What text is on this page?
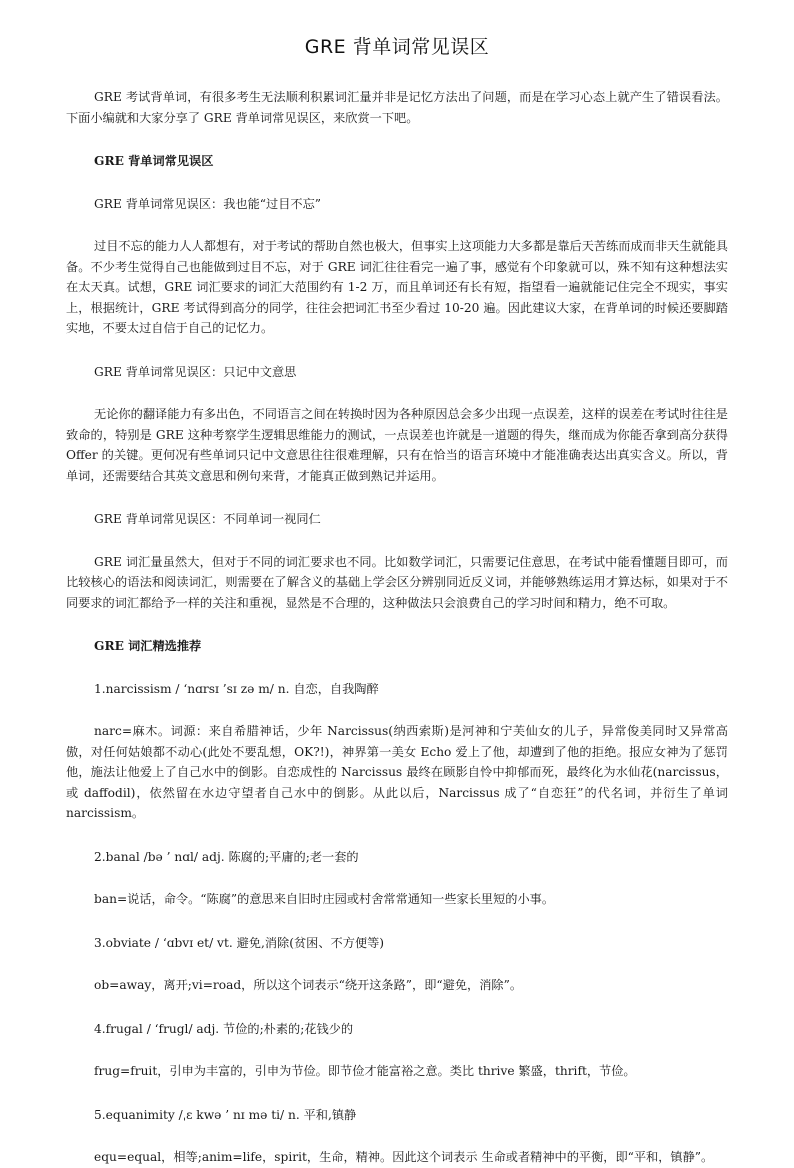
GRE 背单词常见误区

GRE 考试背单词，有很多考生无法顺利积累词汇量并非是记忆方法出了问题，而是在学习心态上就产生了错误看法。下面小编就和大家分享了 GRE 背单词常见误区，来欣赏一下吧。

GRE 背单词常见误区

GRE 背单词常见误区：我也能“过目不忘”

过目不忘的能力人人都想有，对于考试的帮助自然也极大，但事实上这项能力大多都是靠后天苦练而成而非天生就能具备。不少考生觉得自己也能做到过目不忘，对于 GRE 词汇往往看完一遍了事，感觉有个印象就可以，殊不知有这种想法实在太天真。试想，GRE 词汇要求的词汇大范围约有 1-2 万，而且单词还有长有短，指望看一遍就能记住完全不现实，事实上，根据统计，GRE 考试得到高分的同学，往往会把词汇书至少看过 10-20 遍。因此建议大家，在背单词的时候还要脚踏实地，不要太过自信于自己的记忆力。

GRE 背单词常见误区：只记中文意思

无论你的翻译能力有多出色，不同语言之间在转换时因为各种原因总会多少出现一点误差，这样的误差在考试时往往是致命的，特别是 GRE 这种考察学生逻辑思维能力的测试，一点误差也许就是一道题的得失，继而成为你能否拿到高分获得 Offer 的关键。更何况有些单词只记中文意思往往很难理解，只有在恰当的语言环境中才能准确表达出真实含义。所以，背单词，还需要结合其英文意思和例句来背，才能真正做到熟记并运用。

GRE 背单词常见误区：不同单词一视同仁

GRE 词汇量虽然大，但对于不同的词汇要求也不同。比如数学词汇，只需要记住意思，在考试中能看懂题目即可，而比较核心的语法和阅读词汇，则需要在了解含义的基础上学会区分辨别同近反义词，并能够熟练运用才算达标，如果对于不同要求的词汇都给予一样的关注和重视，显然是不合理的，这种做法只会浪费自己的学习时间和精力，绝不可取。

GRE 词汇精选推荐

1.narcissism / ‘nɑrsɪ ’sɪ zə m/ n. 自恋，自我陶醉

narc=麻木。词源：来自希腊神话，少年 Narcissus(纳西索斯)是河神和宁芙仙女的儿子，异常俊美同时又异常高傲，对任何姑娘都不动心(此处不要乱想，OK?!)，神界第一美女 Echo 爱上了他，却遭到了他的拒绝。报应女神为了惩罚他，施法让他爱上了自己水中的倒影。自恋成性的 Narcissus 最终在顾影自怜中抑郁而死，最终化为水仙花(narcissus，或 daffodil)，依然留在水边守望者自己水中的倒影。从此以后，Narcissus 成了“自恋狂”的代名词，并衍生了单词 narcissism。

2.banal /bə ’ nɑl/ adj. 陈腐的;平庸的;老一套的

ban=说话，命令。“陈腐”的意思来自旧时庄园或村舍常常通知一些家长里短的小事。

3.obviate / ‘ɑbvɪ et/ vt. 避免,消除(贫困、不方便等)

ob=away，离开;vi=road，所以这个词表示“绕开这条路”，即“避免，消除”。

4.frugal / ‘frugl/ adj. 节俭的;朴素的;花钱少的

frug=fruit，引申为丰富的，引申为节俭。即节俭才能富裕之意。类比 thrive 繁盛，thrift，节俭。

5.equanimity /ˌɛ kwə ’ nɪ mə ti/ n. 平和,镇静

equ=equal，相等;anim=life，spirit，生命，精神。因此这个词表示 生命或者精神中的平衡，即“平和，镇静”。
